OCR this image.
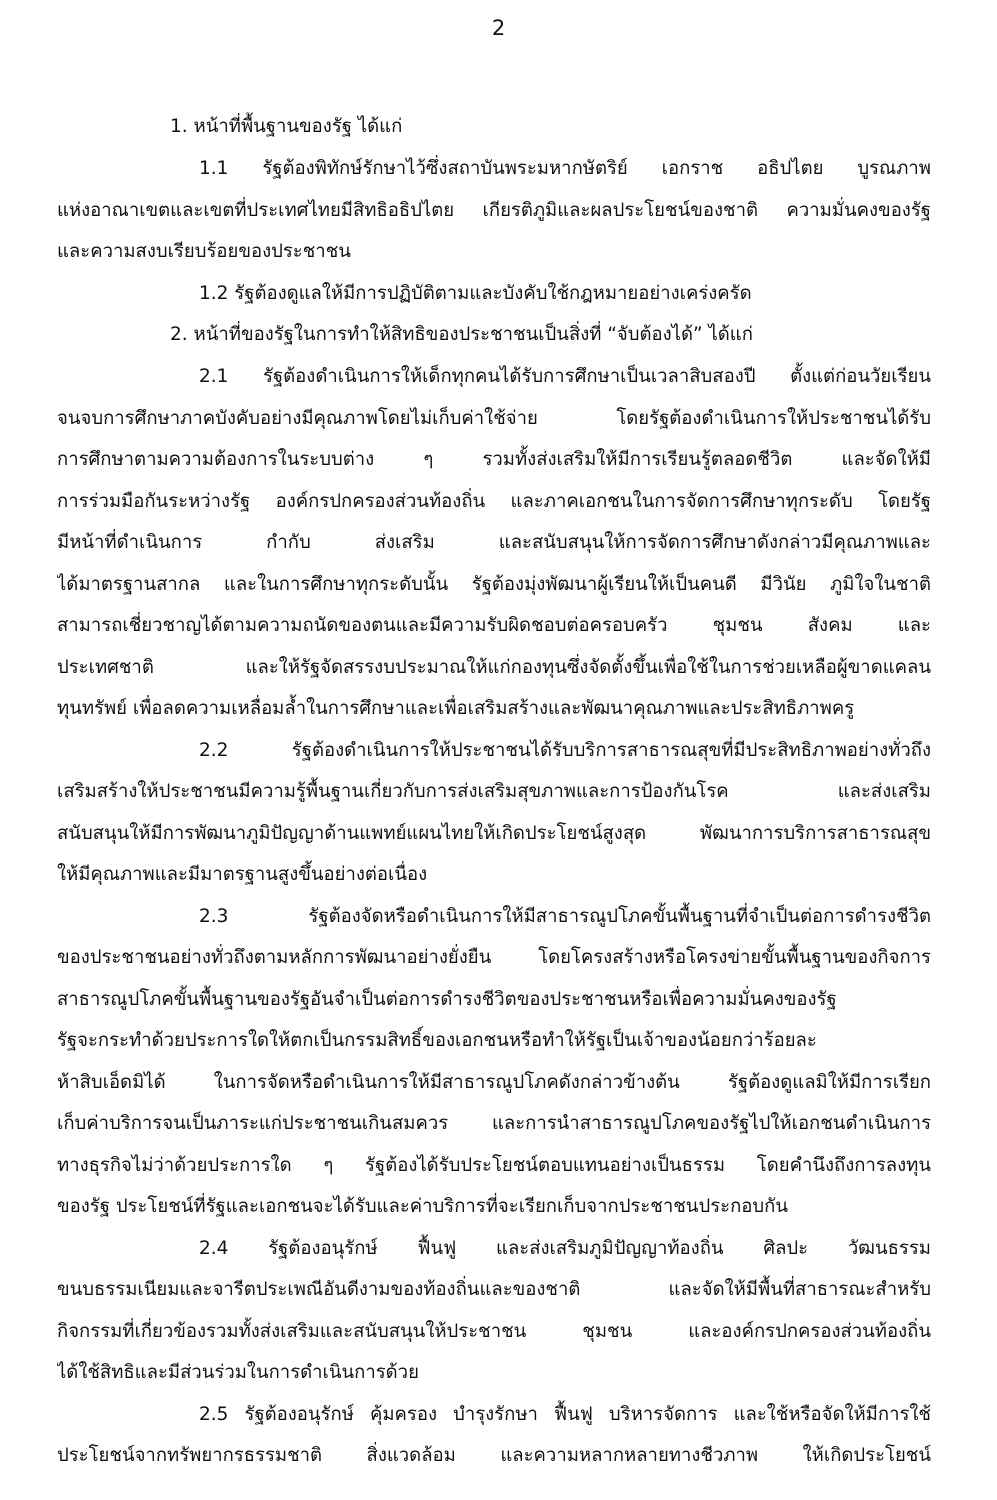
2
1. หน้าที่พื้นฐานของรัฐ ได้แก่
1.1 รัฐต้องพิทักษ์รักษาไว้ซึ่งสถาบันพระมหากษัตริย์ เอกราช อธิปไตย บูรณภาพ
แห่งอาณาเขตและเขตที่ประเทศไทยมีสิทธิอธิปไตย เกียรติภูมิและผลประโยชน์ของชาติ ความมั่นคงของรัฐ
และความสงบเรียบร้อยของประชาชน
1.2 รัฐต้องดูแลให้มีการปฏิบัติตามและบังคับใช้กฎหมายอย่างเคร่งครัด
2. หน้าที่ของรัฐในการทำให้สิทธิของประชาชนเป็นสิ่งที่ “จับต้องได้” ได้แก่
2.1 รัฐต้องดำเนินการให้เด็กทุกคนได้รับการศึกษาเป็นเวลาสิบสองปี ตั้งแต่ก่อนวัยเรียน
จนจบการศึกษาภาคบังคับอย่างมีคุณภาพโดยไม่เก็บค่าใช้จ่าย โดยรัฐต้องดำเนินการให้ประชาชนได้รับ
การศึกษาตามความต้องการในระบบต่าง ๆ รวมทั้งส่งเสริมให้มีการเรียนรู้ตลอดชีวิต และจัดให้มี
การร่วมมือกันระหว่างรัฐ องค์กรปกครองส่วนท้องถิ่น และภาคเอกชนในการจัดการศึกษาทุกระดับ โดยรัฐ
มีหน้าที่ดำเนินการ กำกับ ส่งเสริม และสนับสนุนให้การจัดการศึกษาดังกล่าวมีคุณภาพและ
ได้มาตรฐานสากล และในการศึกษาทุกระดับนั้น รัฐต้องมุ่งพัฒนาผู้เรียนให้เป็นคนดี มีวินัย ภูมิใจในชาติ
สามารถเชี่ยวชาญได้ตามความถนัดของตนและมีความรับผิดชอบต่อครอบครัว ชุมชน สังคม และ
ประเทศชาติ และให้รัฐจัดสรรงบประมาณให้แก่กองทุนซึ่งจัดตั้งขึ้นเพื่อใช้ในการช่วยเหลือผู้ขาดแคลน
ทุนทรัพย์ เพื่อลดความเหลื่อมล้ำในการศึกษาและเพื่อเสริมสร้างและพัฒนาคุณภาพและประสิทธิภาพครู
2.2 รัฐต้องดำเนินการให้ประชาชนได้รับบริการสาธารณสุขที่มีประสิทธิภาพอย่างทั่วถึง
เสริมสร้างให้ประชาชนมีความรู้พื้นฐานเกี่ยวกับการส่งเสริมสุขภาพและการป้องกันโรค และส่งเสริม
สนับสนุนให้มีการพัฒนาภูมิปัญญาด้านแพทย์แผนไทยให้เกิดประโยชน์สูงสุด พัฒนาการบริการสาธารณสุข
ให้มีคุณภาพและมีมาตรฐานสูงขึ้นอย่างต่อเนื่อง
2.3 รัฐต้องจัดหรือดำเนินการให้มีสาธารณูปโภคขั้นพื้นฐานที่จำเป็นต่อการดำรงชีวิต
ของประชาชนอย่างทั่วถึงตามหลักการพัฒนาอย่างยั่งยืน โดยโครงสร้างหรือโครงข่ายขั้นพื้นฐานของกิจการ
สาธารณูปโภคขั้นพื้นฐานของรัฐอันจำเป็นต่อการดำรงชีวิตของประชาชนหรือเพื่อความมั่นคงของรัฐ
รัฐจะกระทำด้วยประการใดให้ตกเป็นกรรมสิทธิ์ของเอกชนหรือทำให้รัฐเป็นเจ้าของน้อยกว่าร้อยละ
ห้าสิบเอ็ดมิได้ ในการจัดหรือดำเนินการให้มีสาธารณูปโภคดังกล่าวข้างต้น รัฐต้องดูแลมิให้มีการเรียก
เก็บค่าบริการจนเป็นภาระแก่ประชาชนเกินสมควร และการนำสาธารณูปโภคของรัฐไปให้เอกชนดำเนินการ
ทางธุรกิจไม่ว่าด้วยประการใด ๆ รัฐต้องได้รับประโยชน์ตอบแทนอย่างเป็นธรรม โดยคำนึงถึงการลงทุน
ของรัฐ ประโยชน์ที่รัฐและเอกชนจะได้รับและค่าบริการที่จะเรียกเก็บจากประชาชนประกอบกัน
2.4 รัฐต้องอนุรักษ์ ฟื้นฟู และส่งเสริมภูมิปัญญาท้องถิ่น ศิลปะ วัฒนธรรม
ขนบธรรมเนียมและจารีตประเพณีอันดีงามของท้องถิ่นและของชาติ และจัดให้มีพื้นที่สาธารณะสำหรับ
กิจกรรมที่เกี่ยวข้องรวมทั้งส่งเสริมและสนับสนุนให้ประชาชน ชุมชน และองค์กรปกครองส่วนท้องถิ่น
ได้ใช้สิทธิและมีส่วนร่วมในการดำเนินการด้วย
2.5 รัฐต้องอนุรักษ์ คุ้มครอง บำรุงรักษา ฟื้นฟู บริหารจัดการ และใช้หรือจัดให้มีการใช้
ประโยชน์จากทรัพยากรธรรมชาติ สิ่งแวดล้อม และความหลากหลายทางชีวภาพ ให้เกิดประโยชน์
